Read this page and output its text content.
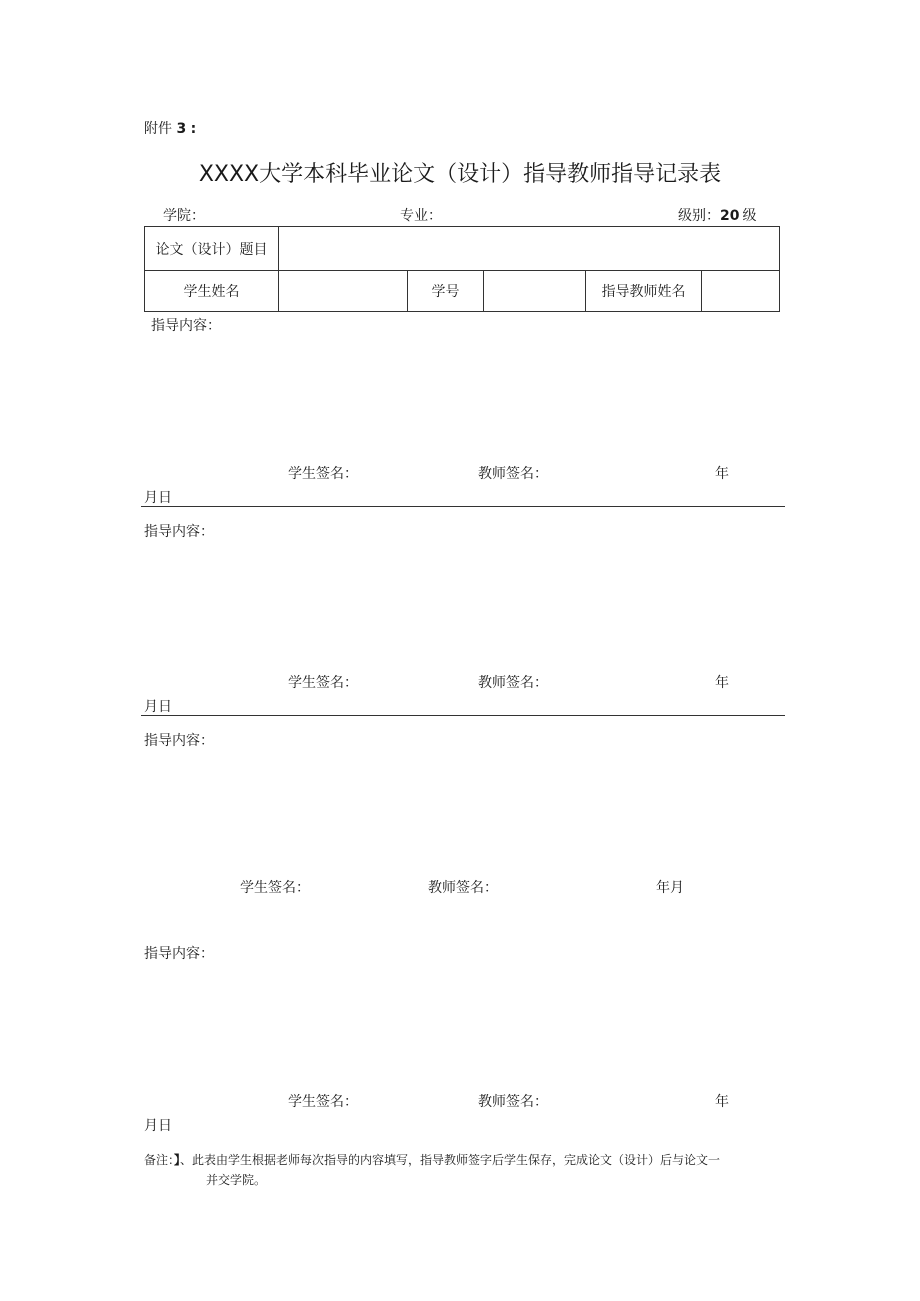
附件 3 :
XXXX大学本科毕业论文（设计）指导教师指导记录表
学院：	专业：	级别：20 级
论文（设计）题目					
学生姓名		学号		指导教师姓名	
指导内容：
学生签名：	教师签名：	年
月日
指导内容：
学生签名：	教师签名：	年
月日
指导内容：
学生签名：	教师签名：	年月
指导内容：
学生签名：	教师签名：	年
月日
备注：】、此表由学生根据老师每次指导的内容填写，指导教师签字后学生保存，完成论文（设计）后与论文一
并交学院。
